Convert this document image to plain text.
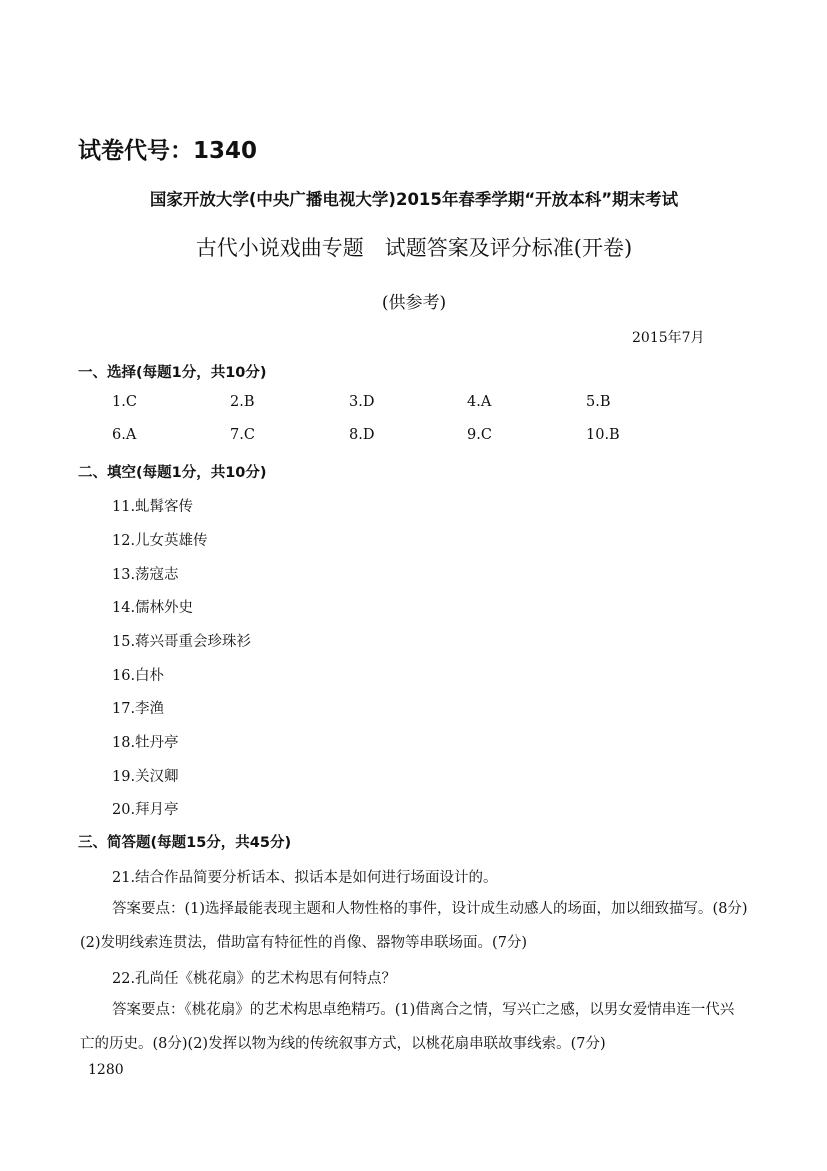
试卷代号：1340
国家开放大学(中央广播电视大学)2015年春季学期“开放本科”期末考试
古代小说戏曲专题　试题答案及评分标准(开卷)
(供参考)
2015年7月
一、选择(每题1分，共10分)
1.C	2.B	3.D	4.A	5.B
6.A	7.C	8.D	9.C	10.B
二、填空(每题1分，共10分)
11.虬髯客传
12.儿女英雄传
13.荡寇志
14.儒林外史
15.蒋兴哥重会珍珠衫
16.白朴
17.李渔
18.牡丹亭
19.关汉卿
20.拜月亭
三、简答题(每题15分，共45分)
21.结合作品简要分析话本、拟话本是如何进行场面设计的。
答案要点：(1)选择最能表现主题和人物性格的事件，设计成生动感人的场面，加以细致描写。(8分)(2)发明线索连贯法，借助富有特征性的肖像、器物等串联场面。(7分)
22.孔尚任《桃花扇》的艺术构思有何特点？
答案要点：《桃花扇》的艺术构思卓绝精巧。(1)借离合之情，写兴亡之感，以男女爱情串连一代兴亡的历史。(8分)(2)发挥以物为线的传统叙事方式，以桃花扇串联故事线索。(7分)
1280
